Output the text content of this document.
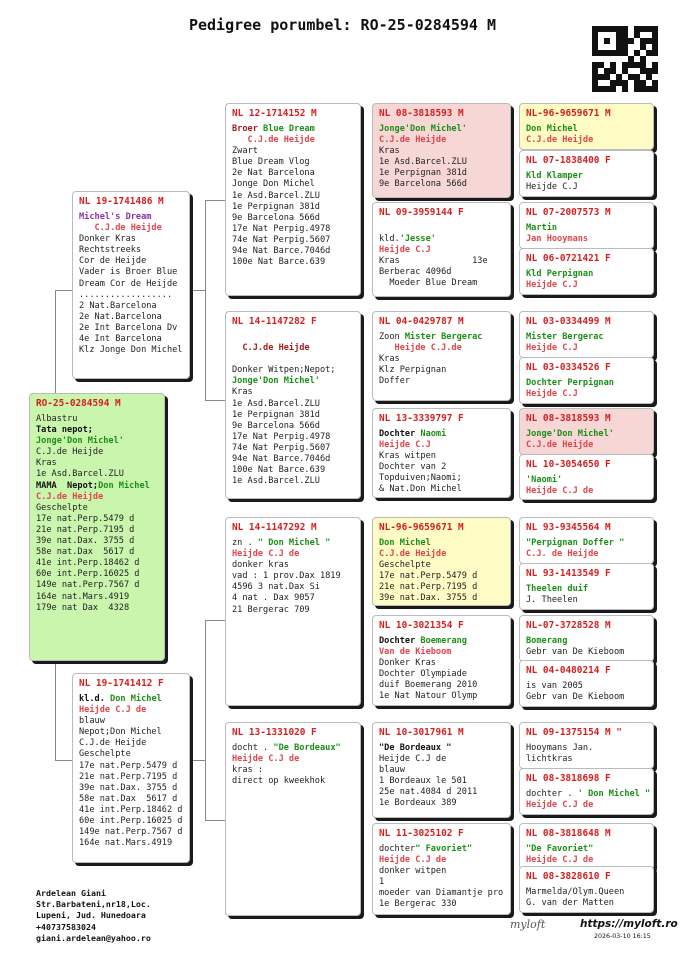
Pedigree porumbel: RO-25-0284594 M
RO-25-0284594 M
Albastru
Tata nepot;
Jonge'Don Michel'
C.J.de Heijde
Kras
1e Asd.Barcel.ZLU
MAMA  Nepot;Don Michel
C.J.de Heijde
Geschelpte
17e nat.Perp.5479 d
21e nat.Perp.7195 d
39e nat.Dax. 3755 d
58e nat.Dax  5617 d
41e int.Perp.18462 d
60e int.Perp.16025 d
149e nat.Perp.7567 d
164e nat.Mars.4919
179e nat Dax  4328
NL 19-1741486 M
Michel's Dream
C.J.de Heijde
Donker Kras
Rechtstreeks
Cor de Heijde
Vader is Broer Blue
Dream Cor de Heijde
..................
2 Nat.Barcelona
2e Nat.Barcelona
2e Int Barcelona Dv
4e Int Barcelona
Klz Jonge Don Michel
NL 19-1741412 F
kl.d. Don Michel
Heijde C.J de
blauw
Nepot;Don Michel
C.J.de Heijde
Geschelpte
17e nat.Perp.5479 d
21e nat.Perp.7195 d
39e nat.Dax. 3755 d
58e nat.Dax  5617 d
41e int.Perp.18462 d
60e int.Perp.16025 d
149e nat.Perp.7567 d
164e nat.Mars.4919
NL 12-1714152 M
Broer Blue Dream
C.J.de Heijde
Zwart
Blue Dream Vlog
2e Nat Barcelona
Jonge Don Michel
1e Asd.Barcel.ZLU
1e Perpignan 381d
9e Barcelona 566d
17e Nat Perpig.4978
74e Nat Perpig.5607
94e Nat Barce.7046d
100e Nat Barce.639
NL 14-1147282 F

C.J.de Heijde

Donker Witpen;Nepot;
Jonge'Don Michel'
Kras
1e Asd.Barcel.ZLU
1e Perpignan 381d
9e Barcelona 566d
17e Nat Perpig.4978
74e Nat Perpig.5607
94e Nat Barce.7046d
100e Nat Barce.639
1e Asd.Barcel.ZLU
NL 14-1147292 M
zn . " Don Michel "
Heijde C.J de
donker kras
vad : 1 prov.Dax 1819
4596 3 nat.Dax Si
4 nat . Dax 9057
21 Bergerac 709
NL 13-1331020 F
docht . "De Bordeaux"
Heijde C.J de
kras :
direct op kweekhok
NL 08-3818593 M
Jonge'Don Michel'
C.J.de Heijde
Kras
1e Asd.Barcel.ZLU
1e Perpignan 381d
9e Barcelona 566d
NL 09-3959144 F

kld.'Jesse'
Heijde C.J
Kras              13e
Berberac 4096d
Moeder Blue Dream
NL 04-0429787 M
Zoon Mister Bergerac
Heijde C.J.de
Kras
Klz Perpignan
Doffer
NL 13-3339797 F
Dochter Naomi
Heijde C.J
Kras witpen
Dochter van 2
Topduiven;Naomi;
& Nat.Don Michel
NL-96-9659671 M
Don Michel
C.J.de Heijde
Geschelpte
17e nat.Perp.5479 d
21e nat.Perp.7195 d
39e nat.Dax. 3755 d
NL 10-3021354 F
Dochter Boemerang
Van de Kieboom
Donker Kras
Dochter Olympiade
duif Boemerang 2010
1e Nat Natour Olymp
NL 10-3017961 M
"De Bordeaux "
Heijde C.J de
blauw
1 Bordeaux le 501
25e nat.4084 d 2011
1e Bordeaux 389
NL 11-3025102 F
dochter" Favoriet"
Heijde C.J de
donker witpen
1
moeder van Diamantje pro
1e Bergerac 330
NL-96-9659671 M
Don Michel
C.J.de Heijde
NL 07-1838400 F
Kld Klamper
Heijde C.J
NL 07-2007573 M
Martin
Jan Hooymans
NL 06-0721421 F
Kld Perpignan
Heijde C.J
NL 03-0334499 M
Mister Bergerac
Heijde C.J
NL 03-0334526 F
Dochter Perpignan
Heijde C.J
NL 08-3818593 M
Jonge'Don Michel'
C.J.de Heijde
NL 10-3054650 F
'Naomi'
Heijde C.J de
NL 93-9345564 M
"Perpignan Doffer "
C.J. de Heijde
NL 93-1413549 F
Theelen duif
J. Theelen
NL-07-3728528 M
Bomerang
Gebr van De Kieboom
NL 04-0480214 F
is van 2005
Gebr van De Kieboom
NL 09-1375154 M "
Hooymans Jan.
lichtkras
NL 08-3818698 F
dochter . ' Don Michel "
Heijde C.J de
NL 08-3818648 M
"De Favoriet"
Heijde C.J de
NL 08-3828610 F
Marmelda/Olym.Queen
G. van der Matten
Ardelean Giani
Str.Barbateni,nr18,Loc.
Lupeni, Jud. Hunedoara
+40737583024
giani.ardelean@yahoo.ro
myloft	https://myloft.ro
2026-03-10 16:15
